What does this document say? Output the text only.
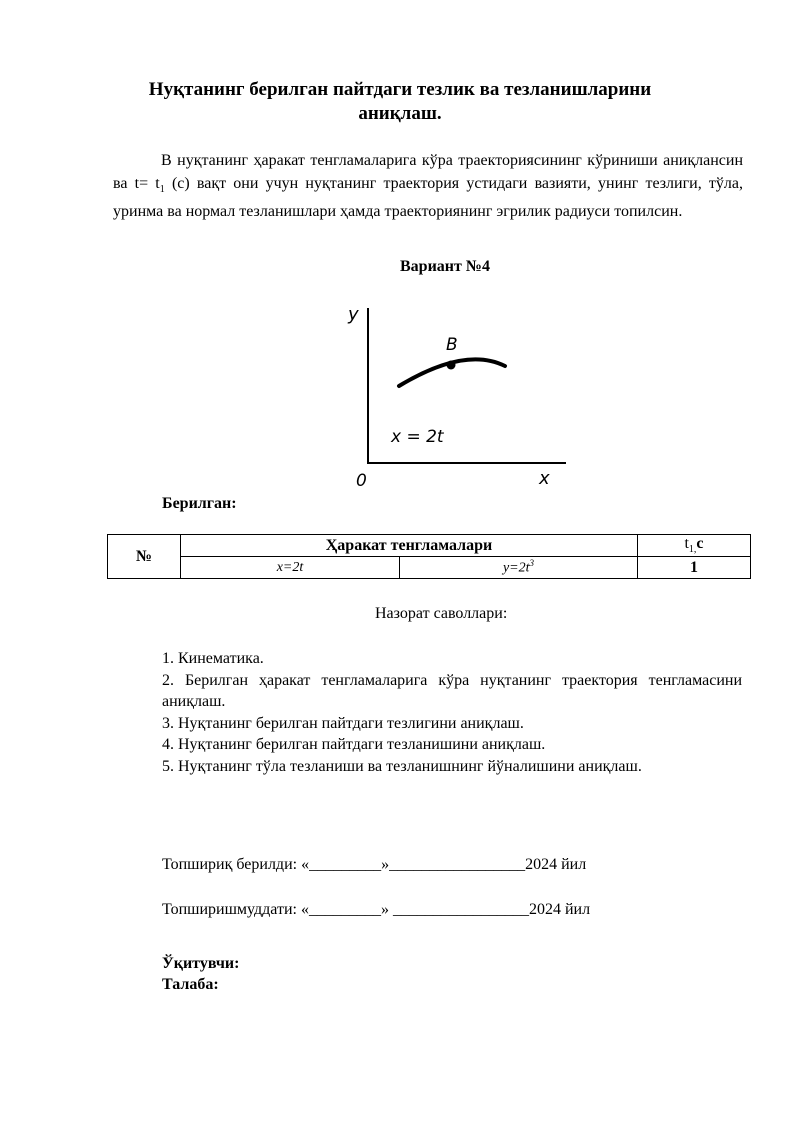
Нуқтанинг берилган пайтдаги тезлик ва тезланишларини
аниқлаш.
В нуқтанинг ҳаракат тенгламаларига кўра траекториясининг кўриниши аниқлансин ва $t= t_1$ (с) вақт они учун нуқтанинг траектория устидаги вазияти, унинг тезлиги, тўла, уринма ва нормал тезланишлари ҳамда траекториянинг эгрилик радиуси топилсин.
Вариант №4
B
y
x
0
x = 2t
Берилган:
№	Ҳаракат тенгламалари		$t_{1,}с$
	x=2t	$y=2t^3$	1
Назорат саволлари:
1. Кинематика.
2. Берилган ҳаракат тенгламаларига кўра нуқтанинг траектория тенгламасини аниқлаш.
3. Нуқтанинг берилган пайтдаги тезлигини аниқлаш.
4. Нуқтанинг берилган пайтдаги тезланишини аниқлаш.
5. Нуқтанинг тўла тезланиши ва тезланишнинг йўналишини аниқлаш.
Топшириқ берилди: «_________»_________________2024 йил
Топширишмуддати: «_________» _________________2024 йил
Ўқитувчи:
Талаба:
